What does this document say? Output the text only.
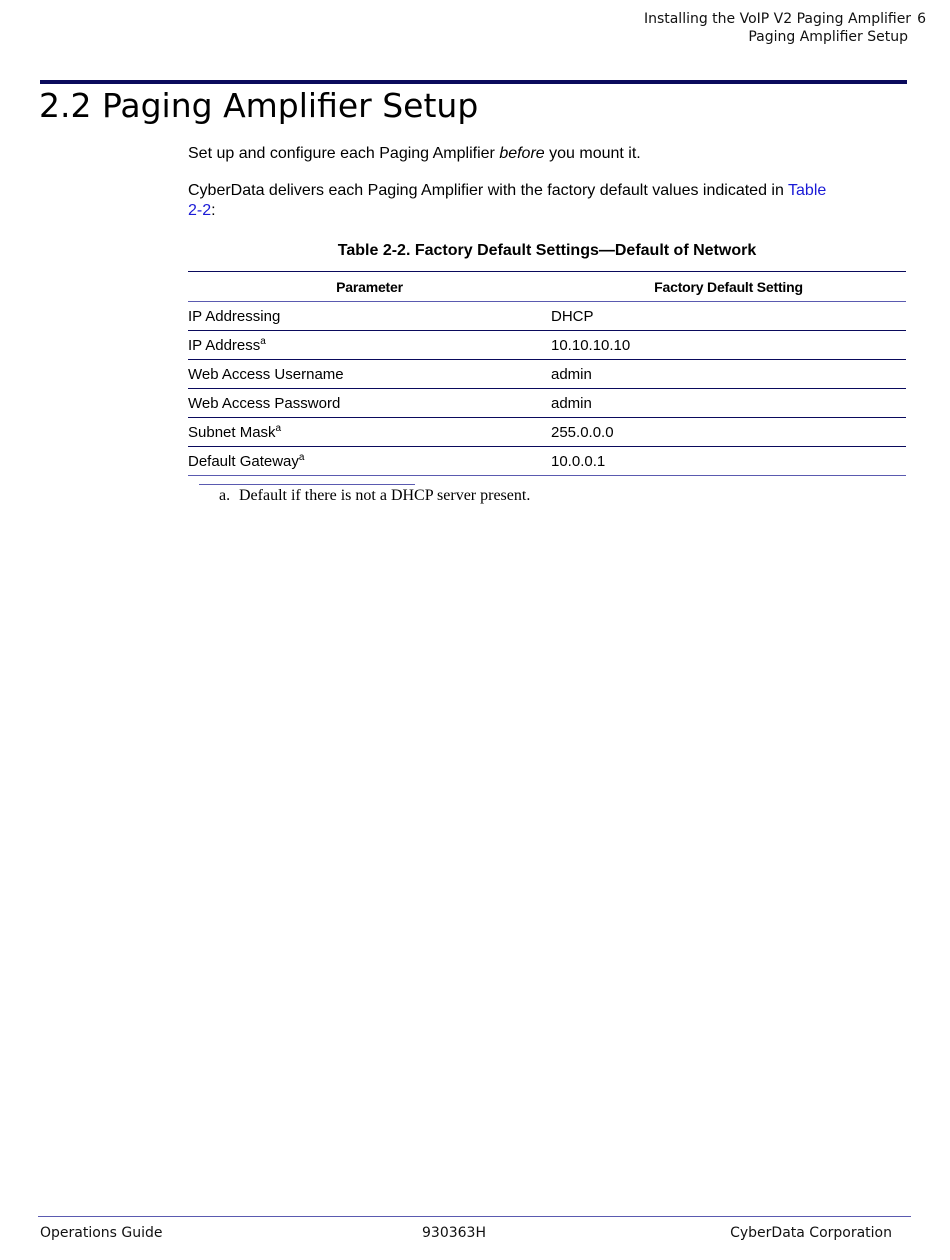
Installing the VoIP V2 Paging Amplifier 6
Paging Amplifier Setup
2.2 Paging Amplifier Setup

Set up and configure each Paging Amplifier before you mount it.

CyberData delivers each Paging Amplifier with the factory default values indicated in Table 2-2:

Table 2-2. Factory Default Settings—Default of Network

Parameter	Factory Default Setting
IP Addressing	DHCP
IP Address$^a$	10.10.10.10
Web Access Username	admin
Web Access Password	admin
Subnet Mask$^a$	255.0.0.0
Default Gateway$^a$	10.0.0.1

a. Default if there is not a DHCP server present.

Operations Guide	930363H	CyberData Corporation
